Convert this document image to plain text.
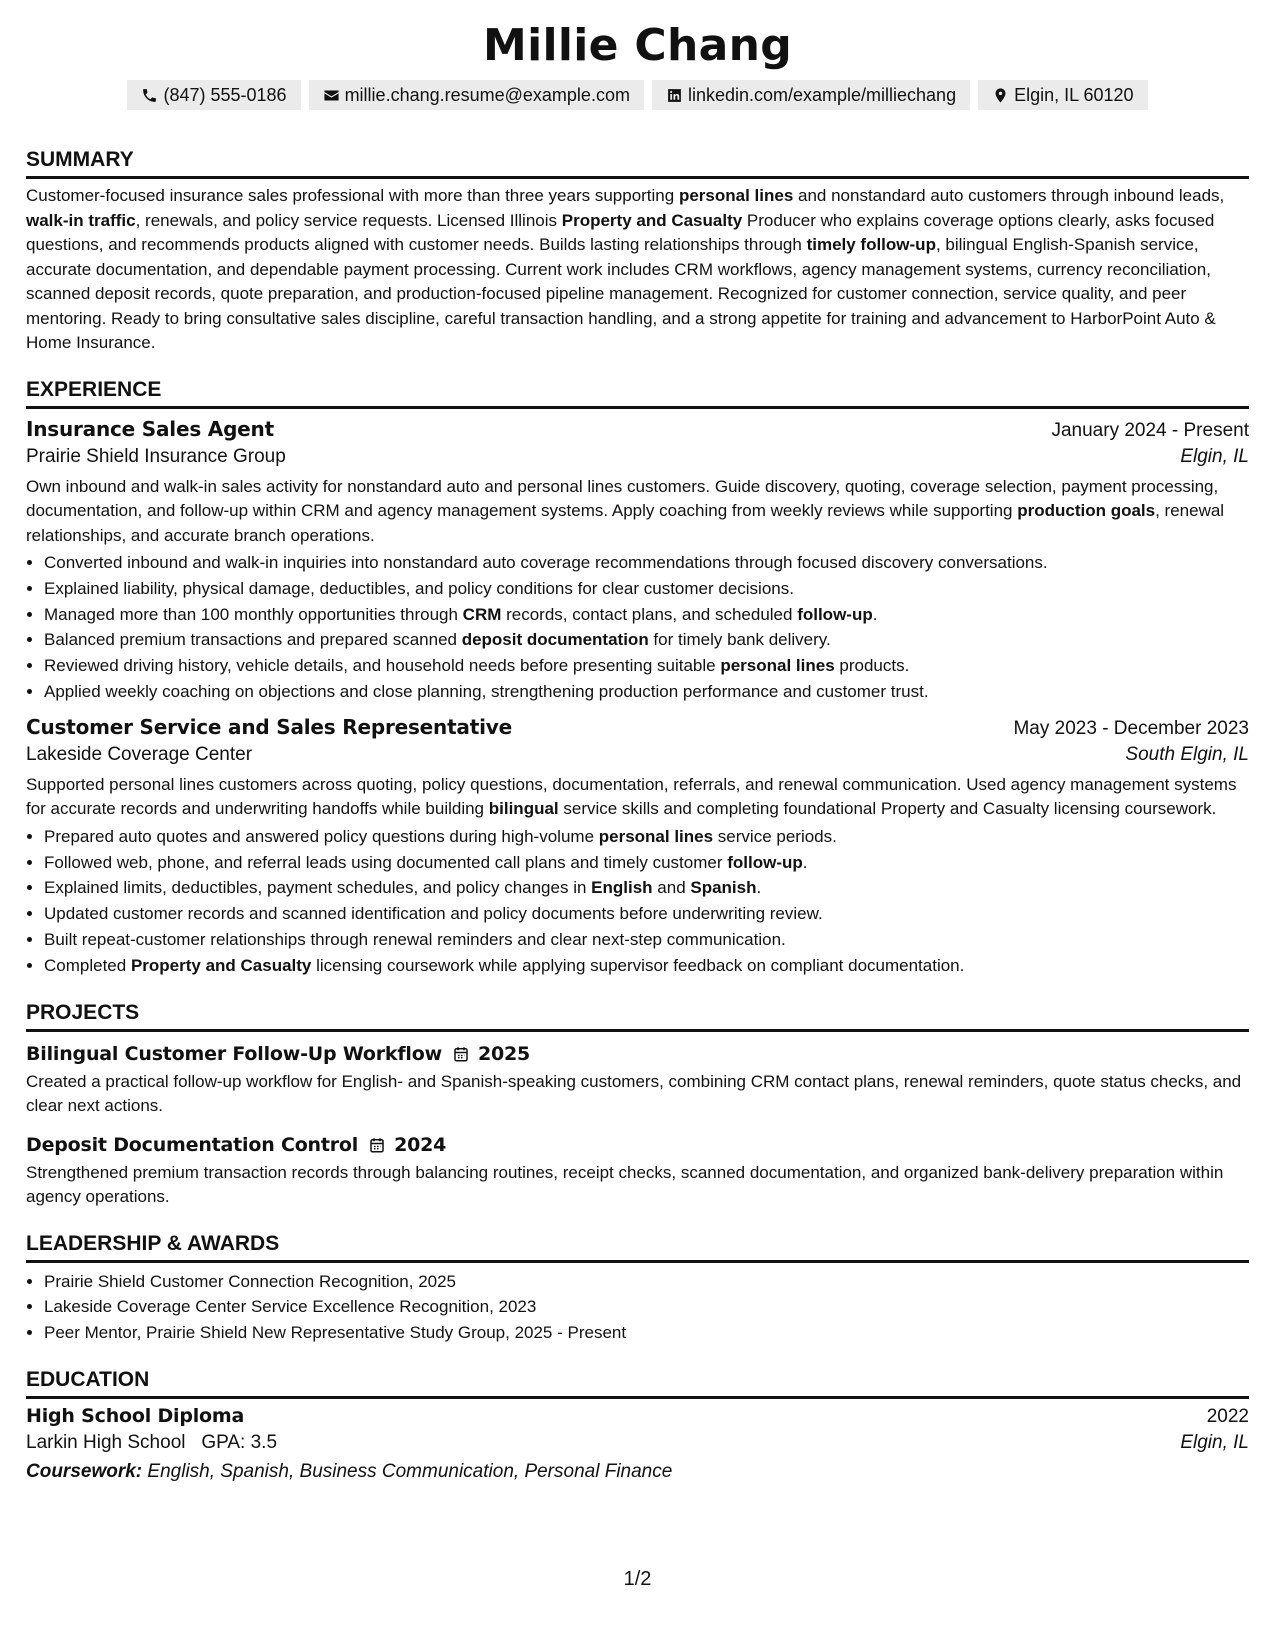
Millie Chang
(847) 555-0186	millie.chang.resume@example.com	linkedin.com/example/milliechang	Elgin, IL 60120
SUMMARY

Customer-focused insurance sales professional with more than three years supporting personal lines and nonstandard auto customers through inbound leads, walk-in traffic, renewals, and policy service requests. Licensed Illinois Property and Casualty Producer who explains coverage options clearly, asks focused questions, and recommends products aligned with customer needs. Builds lasting relationships through timely follow-up, bilingual English-Spanish service, accurate documentation, and dependable payment processing. Current work includes CRM workflows, agency management systems, currency reconciliation, scanned deposit records, quote preparation, and production-focused pipeline management. Recognized for customer connection, service quality, and peer mentoring. Ready to bring consultative sales discipline, careful transaction handling, and a strong appetite for training and advancement to HarborPoint Auto & Home Insurance.

EXPERIENCE
Insurance Sales Agent	January 2024 - Present
Prairie Shield Insurance Group	Elgin, IL

Own inbound and walk-in sales activity for nonstandard auto and personal lines customers. Guide discovery, quoting, coverage selection, payment processing, documentation, and follow-up within CRM and agency management systems. Apply coaching from weekly reviews while supporting production goals, renewal relationships, and accurate branch operations.

• Converted inbound and walk-in inquiries into nonstandard auto coverage recommendations through focused discovery conversations.
• Explained liability, physical damage, deductibles, and policy conditions for clear customer decisions.
• Managed more than 100 monthly opportunities through CRM records, contact plans, and scheduled follow-up.
• Balanced premium transactions and prepared scanned deposit documentation for timely bank delivery.
• Reviewed driving history, vehicle details, and household needs before presenting suitable personal lines products.
• Applied weekly coaching on objections and close planning, strengthening production performance and customer trust.
Customer Service and Sales Representative	May 2023 - December 2023
Lakeside Coverage Center	South Elgin, IL

Supported personal lines customers across quoting, policy questions, documentation, referrals, and renewal communication. Used agency management systems for accurate records and underwriting handoffs while building bilingual service skills and completing foundational Property and Casualty licensing coursework.

• Prepared auto quotes and answered policy questions during high-volume personal lines service periods.
• Followed web, phone, and referral leads using documented call plans and timely customer follow-up.
• Explained limits, deductibles, payment schedules, and policy changes in English and Spanish.
• Updated customer records and scanned identification and policy documents before underwriting review.
• Built repeat-customer relationships through renewal reminders and clear next-step communication.
• Completed Property and Casualty licensing coursework while applying supervisor feedback on compliant documentation.
PROJECTS
Bilingual Customer Follow-Up Workflow 2025

Created a practical follow-up workflow for English- and Spanish-speaking customers, combining CRM contact plans, renewal reminders, quote status checks, and clear next actions.

Deposit Documentation Control 2024

Strengthened premium transaction records through balancing routines, receipt checks, scanned documentation, and organized bank-delivery preparation within agency operations.

LEADERSHIP & AWARDS
• Prairie Shield Customer Connection Recognition, 2025
• Lakeside Coverage Center Service Excellence Recognition, 2023
• Peer Mentor, Prairie Shield New Representative Study Group, 2025 - Present
EDUCATION
High School Diploma	2022
Larkin High School GPA: 3.5	Elgin, IL
Coursework: English, Spanish, Business Communication, Personal Finance
1/2
